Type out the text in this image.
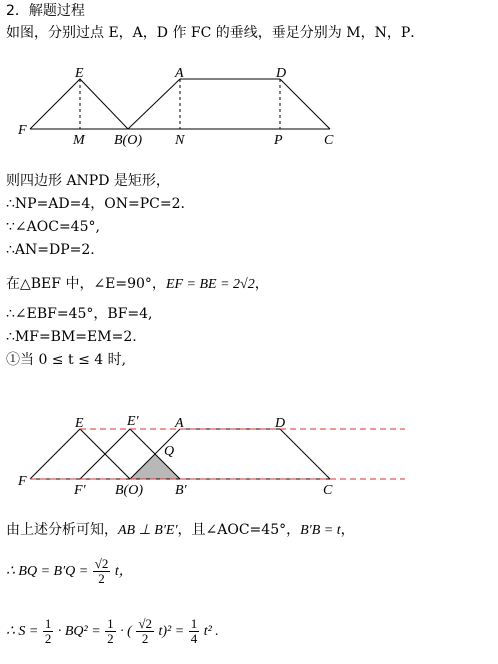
2．解题过程
如图，分别过点 E，A，D 作 FC 的垂线，垂足分别为 M，N，P．
E	A	D
F
M B(O) N	P	C
则四边形 ANPD 是矩形，
∴NP=AD=4，ON=PC=2.
∵∠AOC=45°,
∴AN=DP=2.
在△BEF 中，∠E=90°，EF = BE = 2√2，
∴∠EBF=45°，BF=4,
∴MF=BM=EM=2.
①当 0 ≤ t ≤ 4 时,
E	E′	A	D
Q
F
F′ B(O) B′	C
由上述分析可知，AB ⊥ B′E′，且∠AOC=45°，B′B = t，
∴ BQ = $B'Q = \frac{√2}{2}$ t，
∴ $S = \frac{1}{2} \cdot BQ^2 = \frac{1}{2}$ · ( $\frac{√2}{2} t)^2 = \frac{1}{4} t^2$ .
